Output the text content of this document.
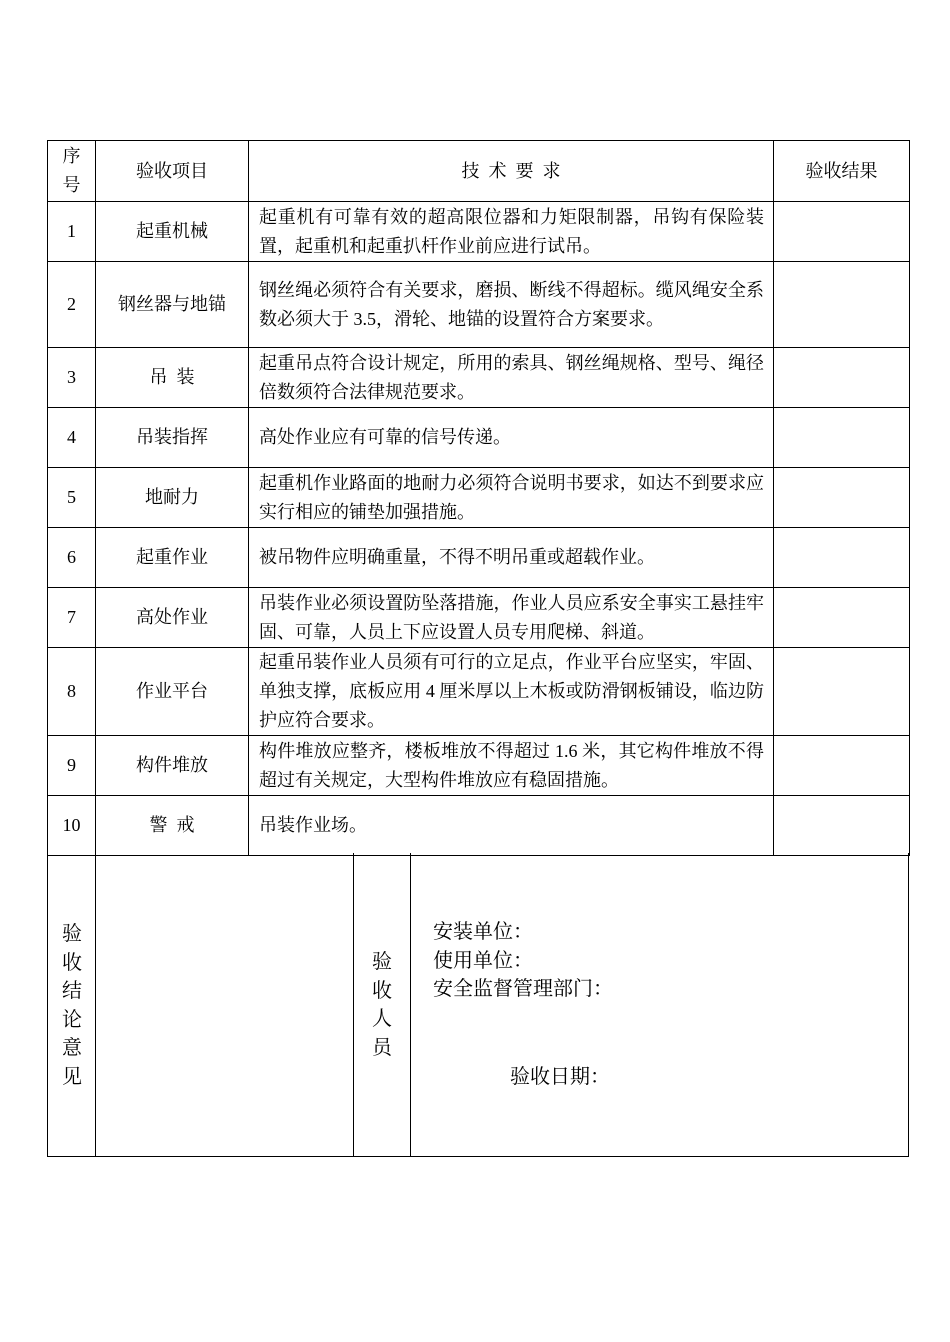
序号	验收项目	技  术  要  求	验收结果
1	起重机械	起重机有可靠有效的超高限位器和力矩限制器，吊钩有保险装置，起重机和起重扒杆作业前应进行试吊。	
2	钢丝器与地锚	钢丝绳必须符合有关要求，磨损、断线不得超标。缆风绳安全系数必须大于 3.5，滑轮、地锚的设置符合方案要求。	
3	吊  装	起重吊点符合设计规定，所用的索具、钢丝绳规格、型号、绳径倍数须符合法律规范要求。	
4	吊装指挥	高处作业应有可靠的信号传递。	
5	地耐力	起重机作业路面的地耐力必须符合说明书要求，如达不到要求应实行相应的铺垫加强措施。	
6	起重作业	被吊物件应明确重量，不得不明吊重或超载作业。	
7	高处作业	吊装作业必须设置防坠落措施，作业人员应系安全事实工悬挂牢固、可靠，人员上下应设置人员专用爬梯、斜道。	
8	作业平台	起重吊装作业人员须有可行的立足点，作业平台应坚实，牢固、单独支撑，底板应用 4 厘米厚以上木板或防滑钢板铺设，临边防护应符合要求。	
9	构件堆放	构件堆放应整齐，楼板堆放不得超过 1.6 米，其它构件堆放不得超过有关规定，大型构件堆放应有稳固措施。	
10	警  戒	吊装作业场。	
验收结论意见
验收人员
安装单位：
使用单位：
安全监督管理部门：
验收日期：
